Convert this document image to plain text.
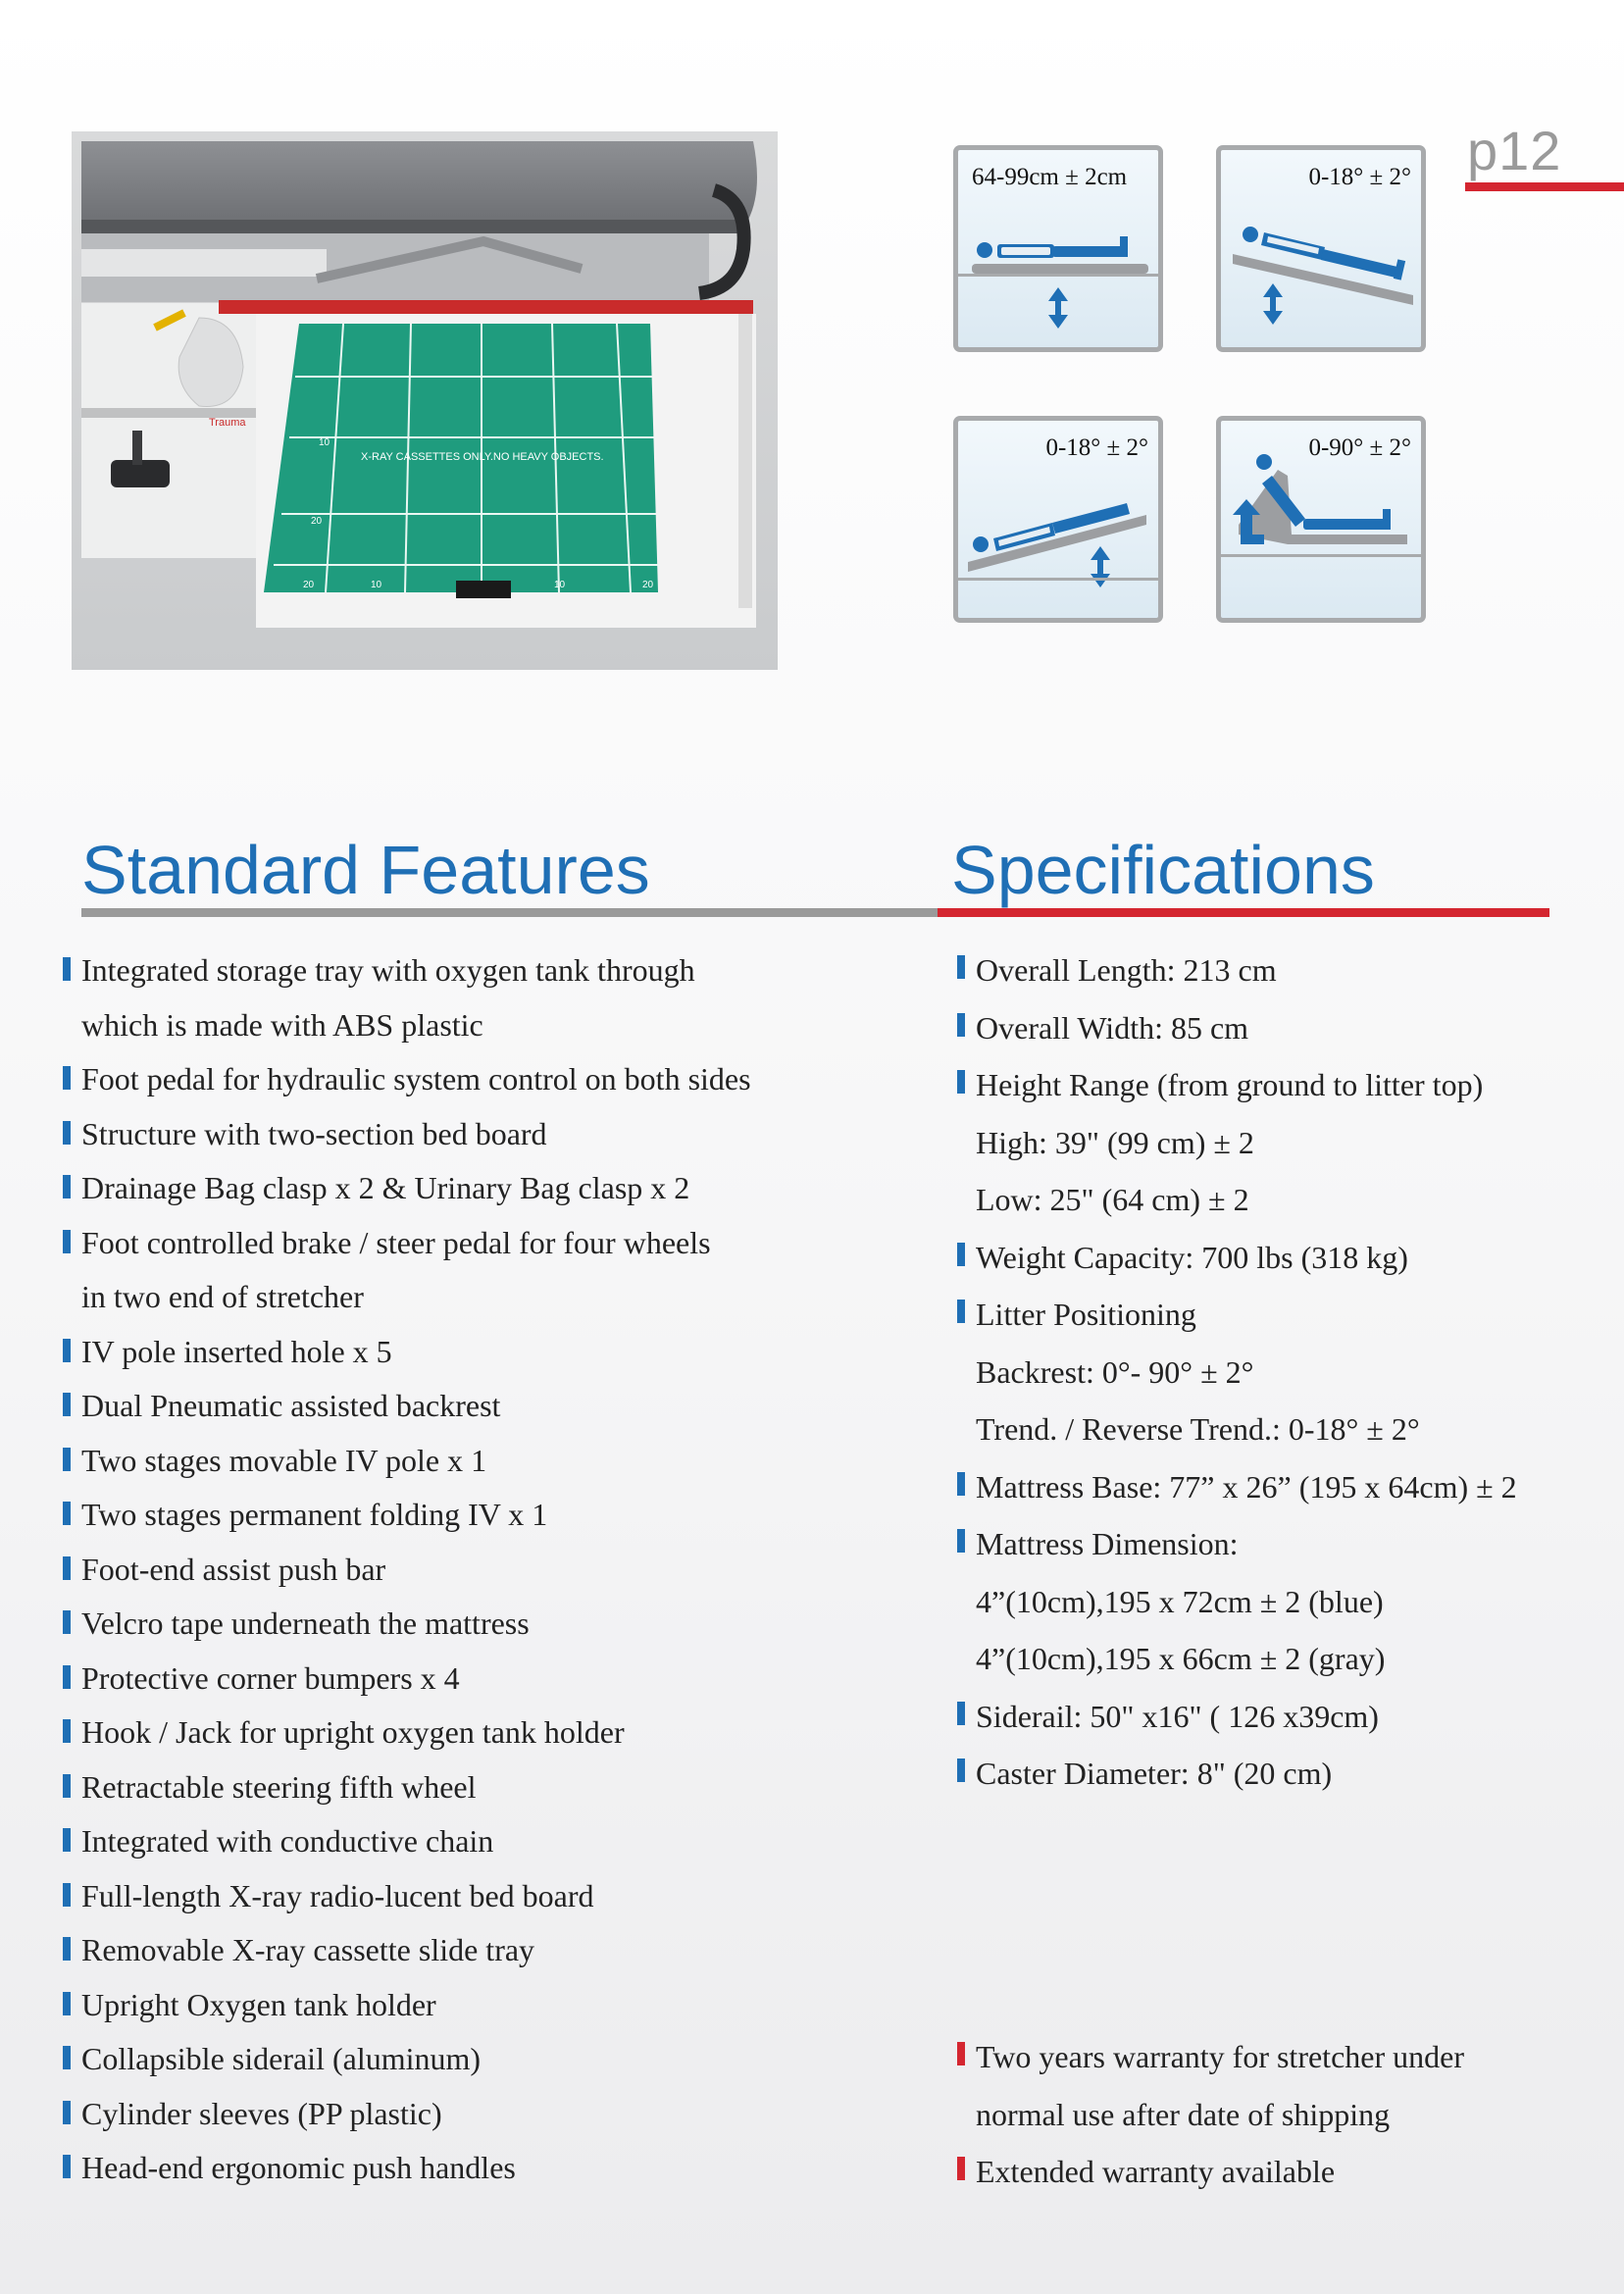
p12
X-RAY CASSETTES ONLY.NO HEAVY OBJECTS.
10
20
20	10	10	20
Trauma
64-99cm ± 2cm	0-18° ± 2°
0-18° ± 2°	0-90° ± 2°
Standard Features	Specifications
Integrated storage tray with oxygen tank through
which is made with ABS plastic
Foot pedal for hydraulic system control on both sides
Structure with two-section bed board
Drainage Bag clasp x 2 & Urinary Bag clasp x 2
Foot controlled brake / steer pedal for four wheels
in two end of stretcher
IV pole inserted hole x 5
Dual Pneumatic assisted backrest
Two stages movable IV pole x 1
Two stages permanent folding IV x 1
Foot-end assist push bar
Velcro tape underneath the mattress
Protective corner bumpers x 4
Hook / Jack for upright oxygen tank holder
Retractable steering fifth wheel
Integrated with conductive chain
Full-length X-ray radio-lucent bed board
Removable X-ray cassette slide tray
Upright Oxygen tank holder
Collapsible siderail (aluminum)
Cylinder sleeves (PP plastic)
Head-end ergonomic push handles
Overall Length: 213 cm
Overall Width: 85 cm
Height Range (from ground to litter top)
High: 39" (99 cm) ± 2
Low: 25" (64 cm) ± 2
Weight Capacity: 700 lbs (318 kg)
Litter Positioning
Backrest: 0°- 90° ± 2°
Trend. / Reverse Trend.: 0-18° ± 2°
Mattress Base: 77” x 26” (195 x 64cm) ± 2
Mattress Dimension:
4”(10cm),195 x 72cm ± 2 (blue)
4”(10cm),195 x 66cm ± 2 (gray)
Siderail: 50" x16" ( 126 x39cm)
Caster Diameter: 8" (20 cm)
Two years warranty for stretcher under
normal use after date of shipping
Extended warranty available
